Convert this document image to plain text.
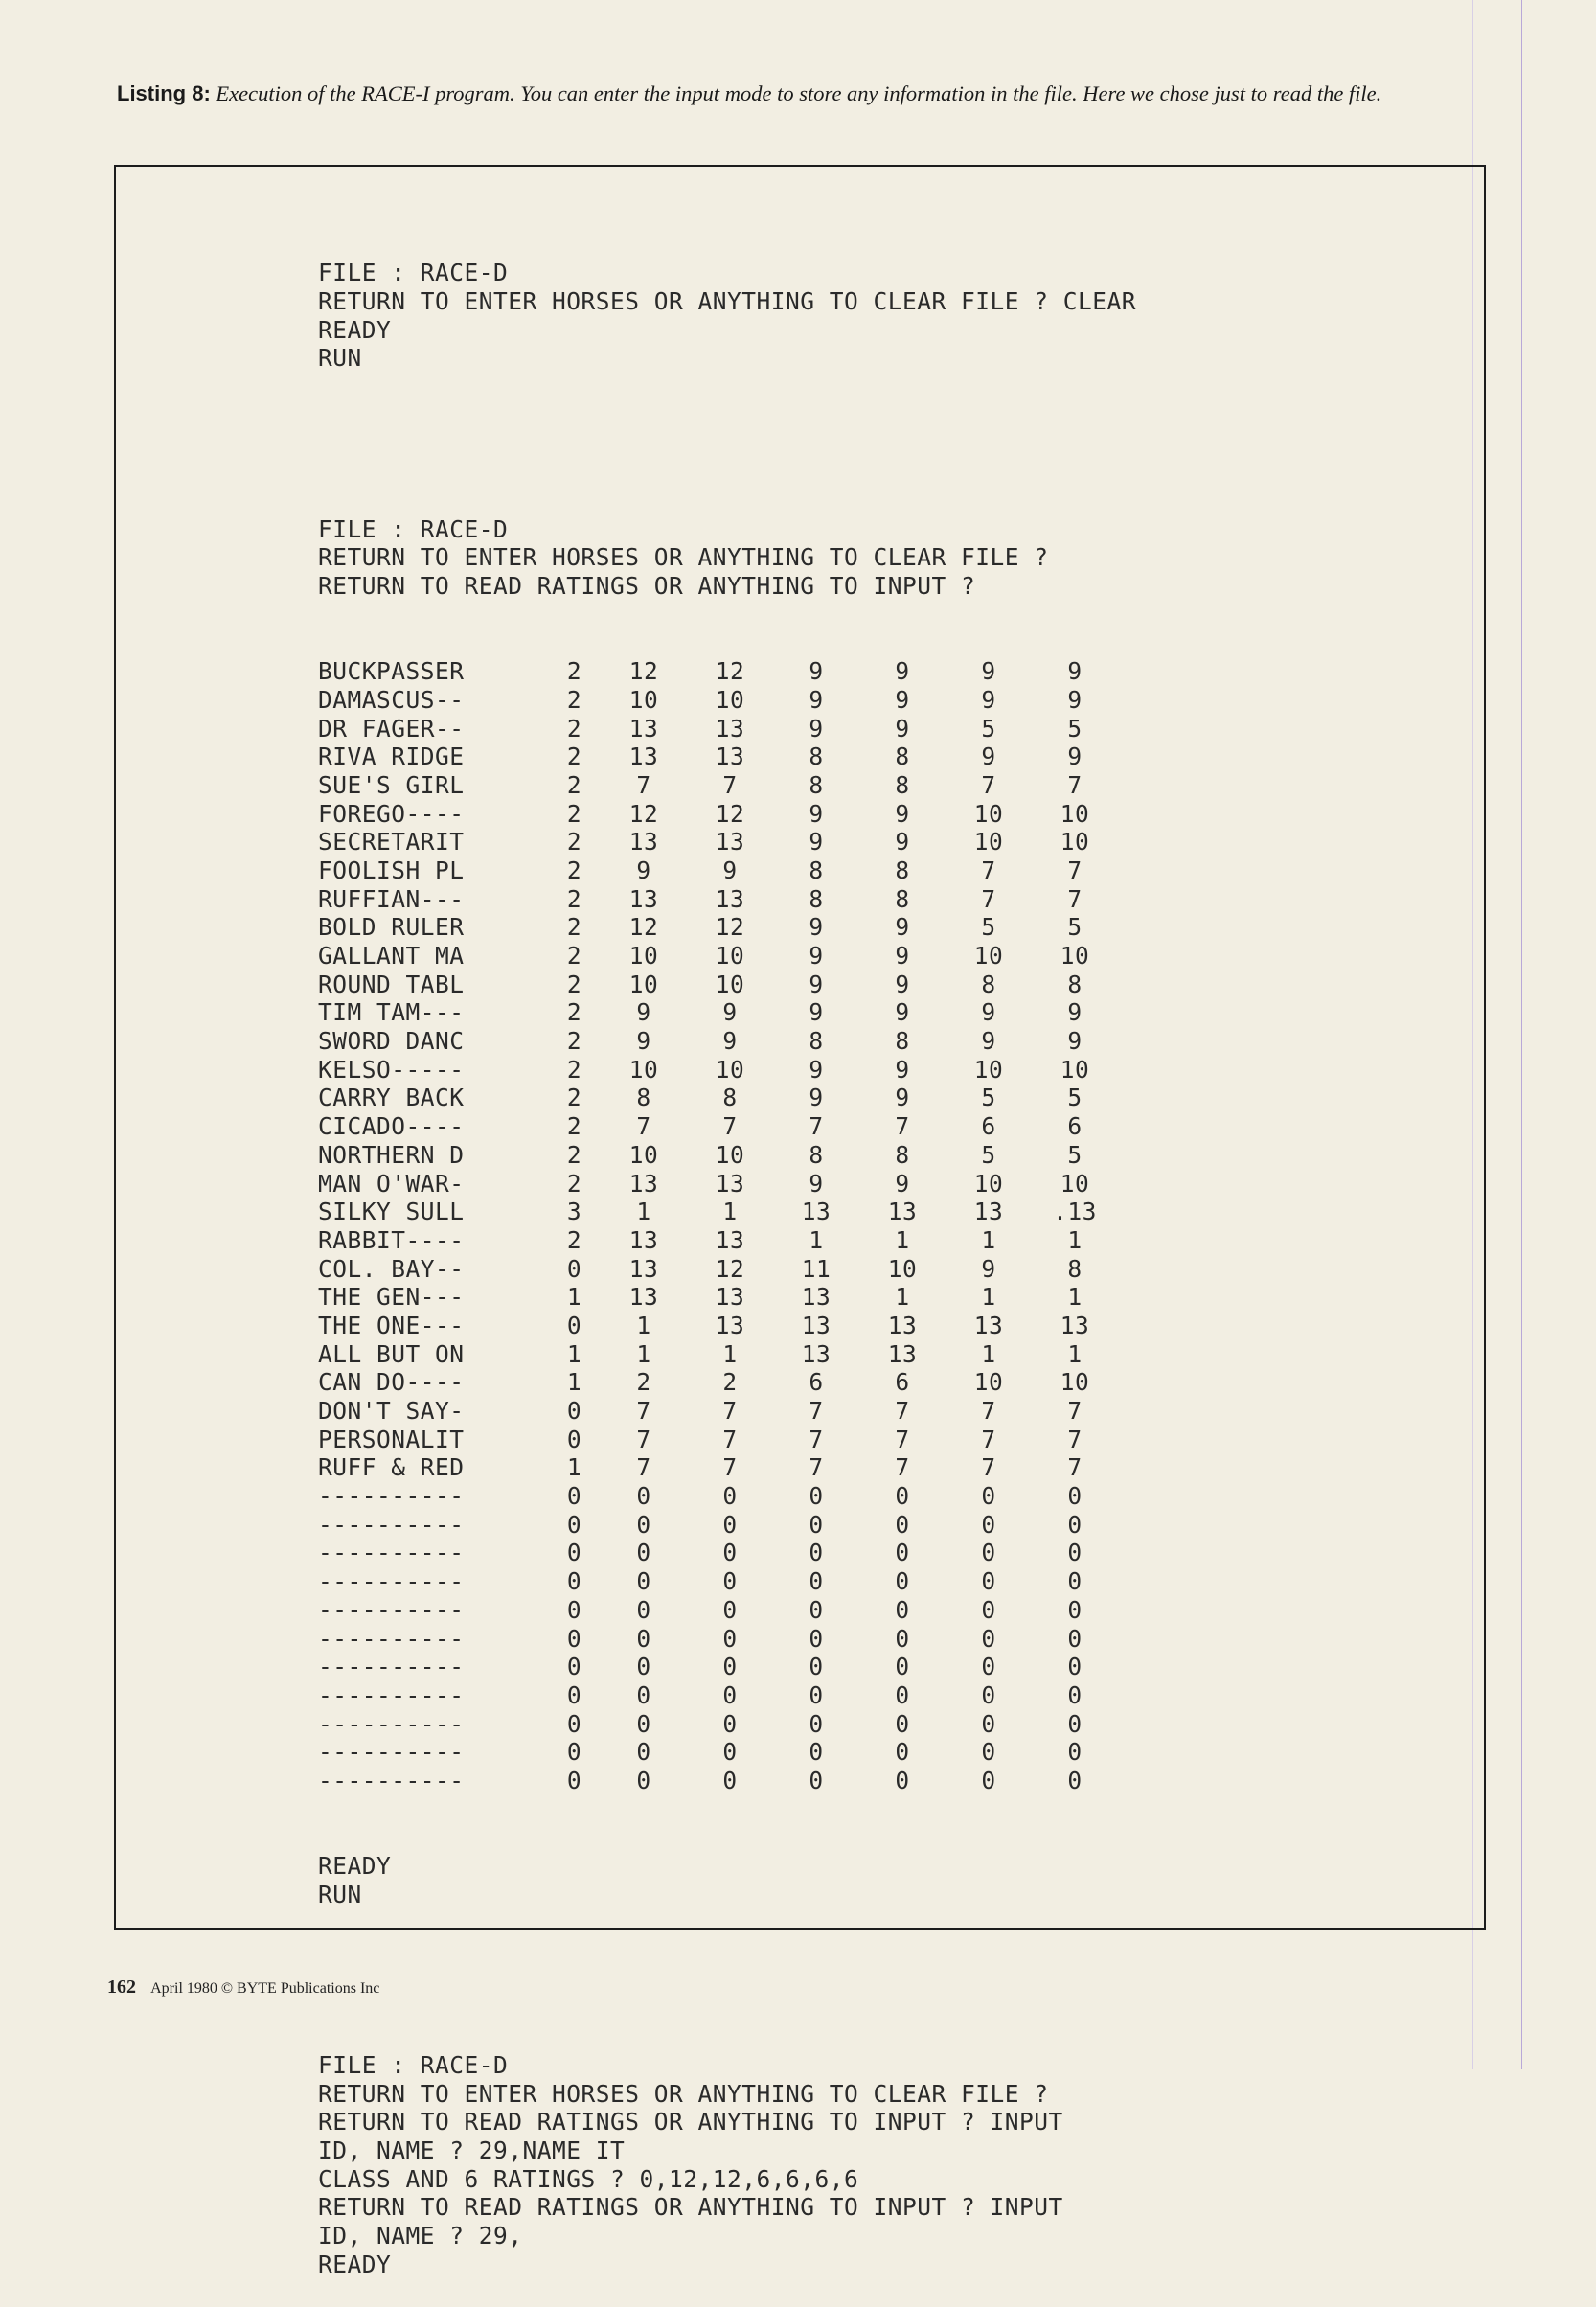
Listing 8: Execution of the RACE-I program. You can enter the input mode to store any information in the file. Here we chose just to read the file.

FILE : RACE-D
RETURN TO ENTER HORSES OR ANYTHING TO CLEAR FILE ? CLEAR
READY
RUN

FILE : RACE-D
RETURN TO ENTER HORSES OR ANYTHING TO CLEAR FILE ?
RETURN TO READ RATINGS OR ANYTHING TO INPUT ?

BUCKPASSER	2	12	12	9	9	9	9
DAMASCUS--	2	10	10	9	9	9	9
DR FAGER--	2	13	13	9	9	5	5
RIVA RIDGE	2	13	13	8	8	9	9
SUE'S GIRL	2	7	7	8	8	7	7
FOREGO----	2	12	12	9	9	10	10
SECRETARIT	2	13	13	9	9	10	10
FOOLISH PL	2	9	9	8	8	7	7
RUFFIAN---	2	13	13	8	8	7	7
BOLD RULER	2	12	12	9	9	5	5
GALLANT MA	2	10	10	9	9	10	10
ROUND TABL	2	10	10	9	9	8	8
TIM TAM---	2	9	9	9	9	9	9
SWORD DANC	2	9	9	8	8	9	9
KELSO-----	2	10	10	9	9	10	10
CARRY BACK	2	8	8	9	9	5	5
CICADO----	2	7	7	7	7	6	6
NORTHERN D	2	10	10	8	8	5	5
MAN O'WAR-	2	13	13	9	9	10	10
SILKY SULL	3	1	1	13	13	13	.13
RABBIT----	2	13	13	1	1	1	1
COL. BAY--	0	13	12	11	10	9	8
THE GEN---	1	13	13	13	1	1	1
THE ONE---	0	1	13	13	13	13	13
ALL BUT ON	1	1	1	13	13	1	1
CAN DO----	1	2	2	6	6	10	10
DON'T SAY-	0	7	7	7	7	7	7
PERSONALIT	0	7	7	7	7	7	7
RUFF & RED	1	7	7	7	7	7	7
----------	0	0	0	0	0	0	0
----------	0	0	0	0	0	0	0
----------	0	0	0	0	0	0	0
----------	0	0	0	0	0	0	0
----------	0	0	0	0	0	0	0
----------	0	0	0	0	0	0	0
----------	0	0	0	0	0	0	0
----------	0	0	0	0	0	0	0
----------	0	0	0	0	0	0	0
----------	0	0	0	0	0	0	0
----------	0	0	0	0	0	0	0

READY
RUN

FILE : RACE-D
RETURN TO ENTER HORSES OR ANYTHING TO CLEAR FILE ?
RETURN TO READ RATINGS OR ANYTHING TO INPUT ? INPUT
ID, NAME ? 29,NAME IT
CLASS AND 6 RATINGS ? 0,12,12,6,6,6,6
RETURN TO READ RATINGS OR ANYTHING TO INPUT ? INPUT
ID, NAME ? 29,
READY

162 April 1980 © BYTE Publications Inc
